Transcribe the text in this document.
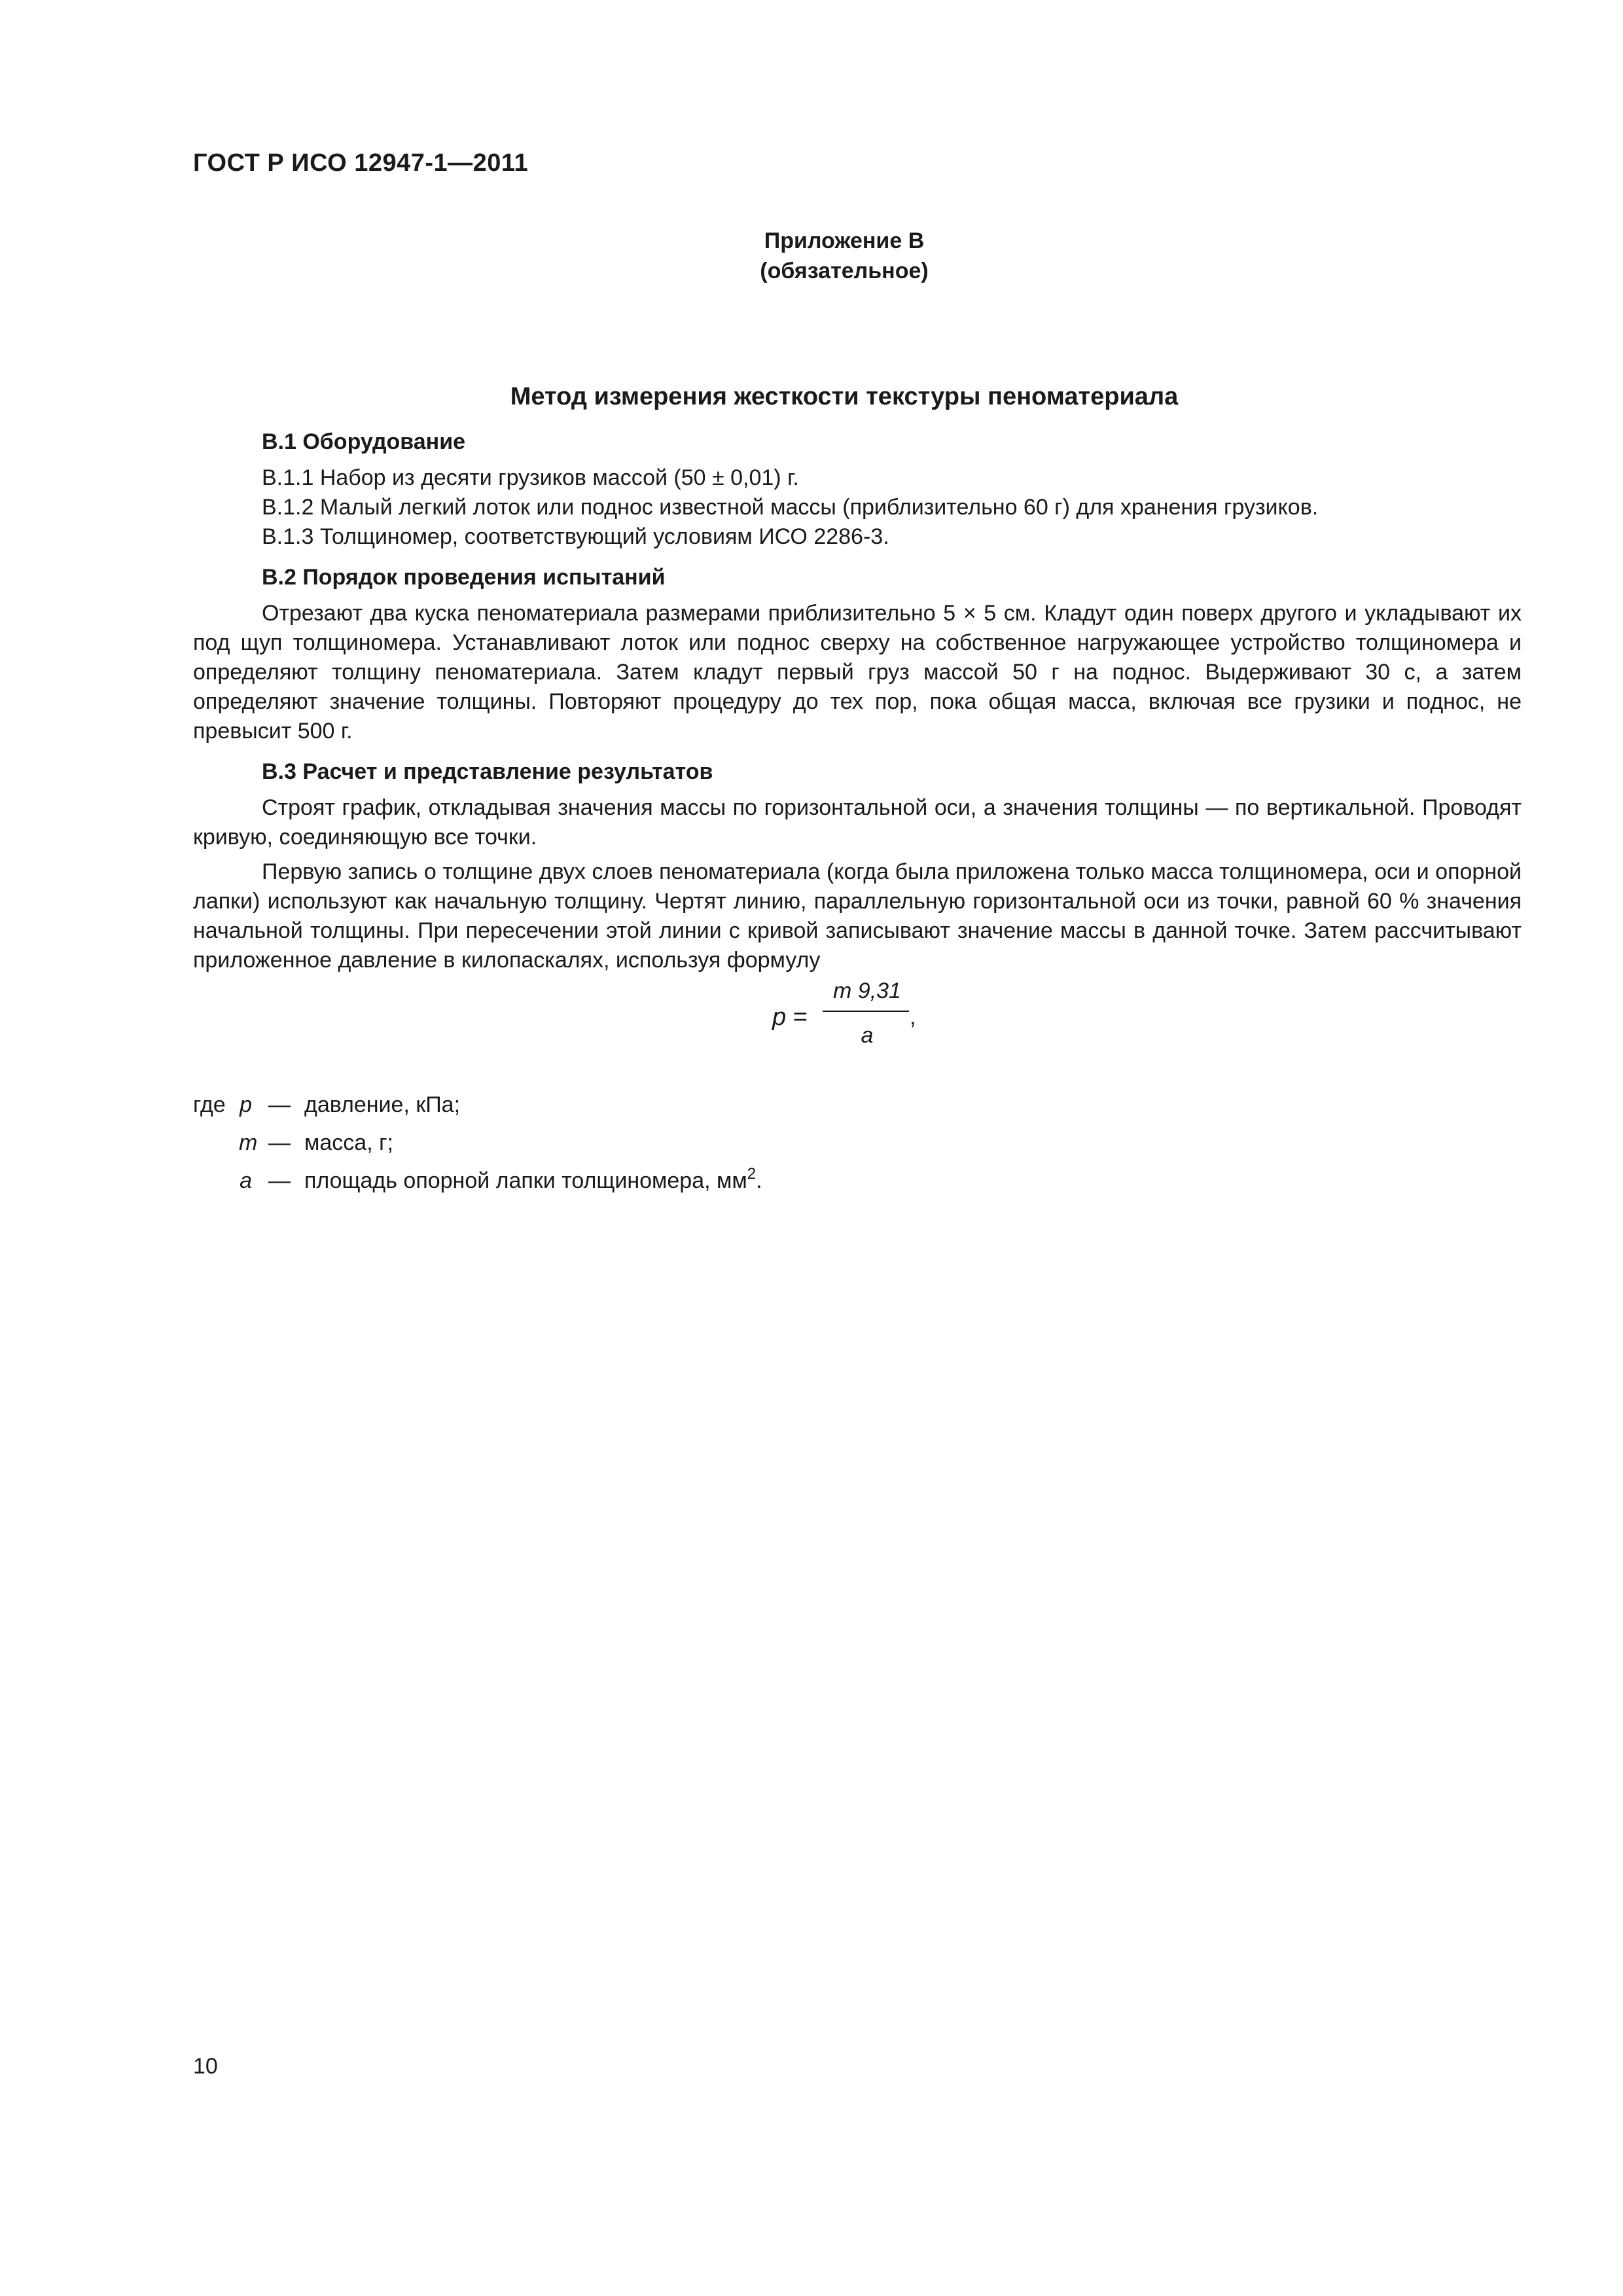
ГОСТ Р ИСО 12947-1—2011
Приложение В
(обязательное)
Метод измерения жесткости текстуры пеноматериала

В.1 Оборудование

В.1.1 Набор из десяти грузиков массой (50 ± 0,01) г.

В.1.2 Малый легкий лоток или поднос известной массы (приблизительно 60 г) для хранения грузиков.

В.1.3 Толщиномер, соответствующий условиям ИСО 2286-3.

В.2 Порядок проведения испытаний

Отрезают два куска пеноматериала размерами приблизительно 5 × 5 см. Кладут один поверх другого и укладывают их под щуп толщиномера. Устанавливают лоток или поднос сверху на собственное нагружающее устройство толщиномера и определяют толщину пеноматериала. Затем кладут первый груз массой 50 г на поднос. Выдерживают 30 с, а затем определяют значение толщины. Повторяют процедуру до тех пор, пока общая масса, включая все грузики и поднос, не превысит 500 г.

В.3 Расчет и представление результатов

Строят график, откладывая значения массы по горизонтальной оси, а значения толщины — по вертикальной. Проводят кривую, соединяющую все точки.

Первую запись о толщине двух слоев пеноматериала (когда была приложена только масса толщиномера, оси и опорной лапки) используют как начальную толщину. Чертят линию, параллельную горизонтальной оси из точки, равной 60 % значения начальной толщины. При пересечении этой линии с кривой записывают значение массы в данной точке. Затем рассчитывают приложенное давление в килопаскалях, используя формулу

p =
m 9,31
a
,
где p — давление, кПа;
m — масса, г;
a — площадь опорной лапки толщиномера, $мм^2$.
10
